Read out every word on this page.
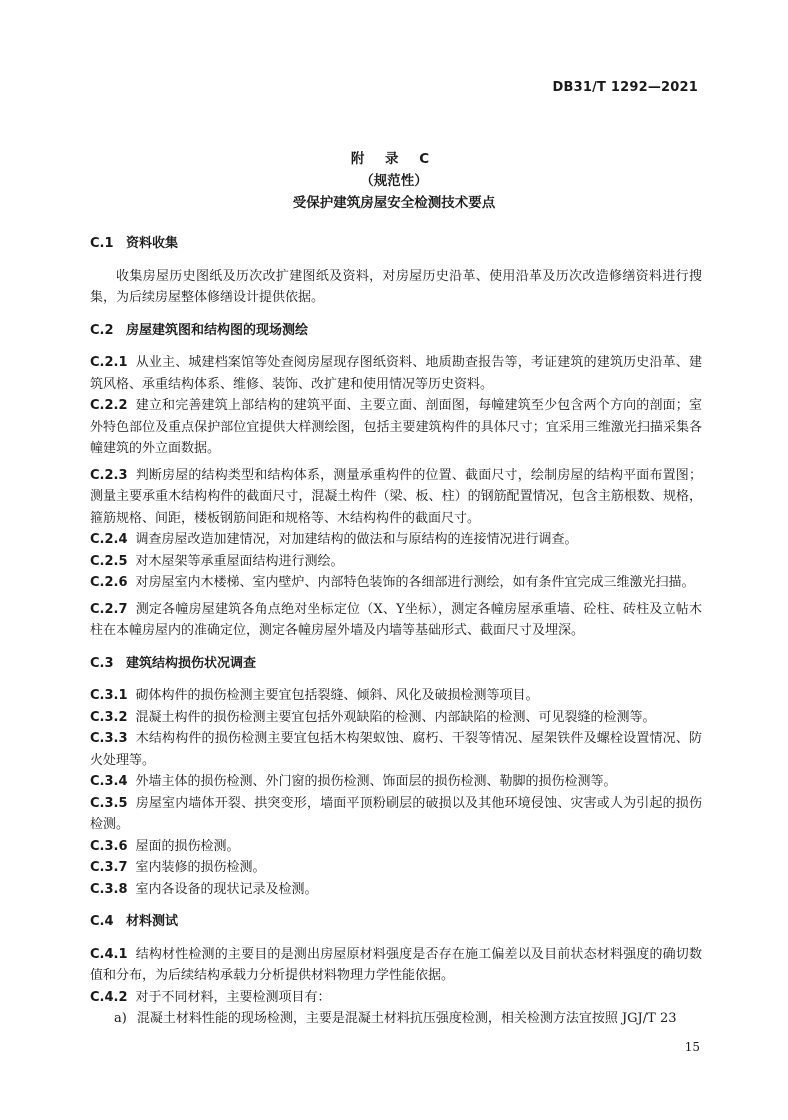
DB31/T 1292—2021
附 录 C
（规范性）
受保护建筑房屋安全检测技术要点

C.1 资料收集

收集房屋历史图纸及历次改扩建图纸及资料，对房屋历史沿革、使用沿革及历次改造修缮资料进行搜集，为后续房屋整体修缮设计提供依据。

C.2 房屋建筑图和结构图的现场测绘

C.2.1 从业主、城建档案馆等处查阅房屋现存图纸资料、地质勘查报告等，考证建筑的建筑历史沿革、建筑风格、承重结构体系、维修、装饰、改扩建和使用情况等历史资料。

C.2.2 建立和完善建筑上部结构的建筑平面、主要立面、剖面图，每幢建筑至少包含两个方向的剖面；室外特色部位及重点保护部位宜提供大样测绘图，包括主要建筑构件的具体尺寸；宜采用三维激光扫描采集各幢建筑的外立面数据。

C.2.3 判断房屋的结构类型和结构体系，测量承重构件的位置、截面尺寸，绘制房屋的结构平面布置图；测量主要承重木结构构件的截面尺寸，混凝土构件（梁、板、柱）的钢筋配置情况，包含主筋根数、规格，箍筋规格、间距，楼板钢筋间距和规格等、木结构构件的截面尺寸。

C.2.4 调查房屋改造加建情况，对加建结构的做法和与原结构的连接情况进行调查。

C.2.5 对木屋架等承重屋面结构进行测绘。

C.2.6 对房屋室内木楼梯、室内壁炉、内部特色装饰的各细部进行测绘，如有条件宜完成三维激光扫描。

C.2.7 测定各幢房屋建筑各角点绝对坐标定位（X、Y坐标），测定各幢房屋承重墙、砼柱、砖柱及立帖木柱在本幢房屋内的准确定位，测定各幢房屋外墙及内墙等基础形式、截面尺寸及埋深。

C.3 建筑结构损伤状况调查

C.3.1 砌体构件的损伤检测主要宜包括裂缝、倾斜、风化及破损检测等项目。

C.3.2 混凝土构件的损伤检测主要宜包括外观缺陷的检测、内部缺陷的检测、可见裂缝的检测等。

C.3.3 木结构构件的损伤检测主要宜包括木构架蚁蚀、腐朽、干裂等情况、屋架铁件及螺栓设置情况、防火处理等。

C.3.4 外墙主体的损伤检测、外门窗的损伤检测、饰面层的损伤检测、勒脚的损伤检测等。

C.3.5 房屋室内墙体开裂、拱突变形，墙面平顶粉刷层的破损以及其他环境侵蚀、灾害或人为引起的损伤检测。

C.3.6 屋面的损伤检测。

C.3.7 室内装修的损伤检测。

C.3.8 室内各设备的现状记录及检测。

C.4 材料测试

C.4.1 结构材性检测的主要目的是测出房屋原材料强度是否存在施工偏差以及目前状态材料强度的确切数值和分布，为后续结构承载力分析提供材料物理力学性能依据。

C.4.2 对于不同材料，主要检测项目有：

a) 混凝土材料性能的现场检测，主要是混凝土材料抗压强度检测，相关检测方法宜按照 JGJ/T 23

15
